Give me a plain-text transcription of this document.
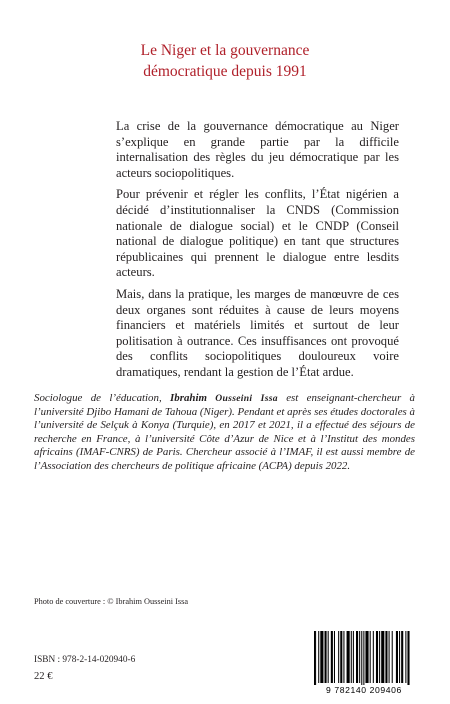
Le Niger et la gouvernance
démocratique depuis 1991

La crise de la gouvernance démocratique au Niger s’explique en grande partie par la difficile internalisation des règles du jeu démocratique par les acteurs sociopolitiques.

Pour prévenir et régler les conflits, l’État nigérien a décidé d’institutionnaliser la CNDS (Commission nationale de dialogue social) et le CNDP (Conseil national de dialogue politique) en tant que structures républicaines qui prennent le dialogue entre lesdits acteurs.

Mais, dans la pratique, les marges de manœuvre de ces deux organes sont réduites à cause de leurs moyens financiers et matériels limités et surtout de leur politisation à outrance. Ces insuffisances ont provoqué des conflits sociopolitiques douloureux voire dramatiques, rendant la gestion de l’État ardue.

Sociologue de l’éducation, Ibrahim Ousseini Issa est enseignant-chercheur à l’université Djibo Hamani de Tahoua (Niger). Pendant et après ses études doctorales à l’université de Selçuk à Konya (Turquie), en 2017 et 2021, il a effectué des séjours de recherche en France, à l’université Côte d’Azur de Nice et à l’Institut des mondes africains (IMAF-CNRS) de Paris. Chercheur associé à l’IMAF, il est aussi membre de l’Association des chercheurs de politique africaine (ACPA) depuis 2022.
Photo de couverture : © Ibrahim Ousseini Issa
ISBN : 978-2-14-020940-6
22 €
9 782140 209406
